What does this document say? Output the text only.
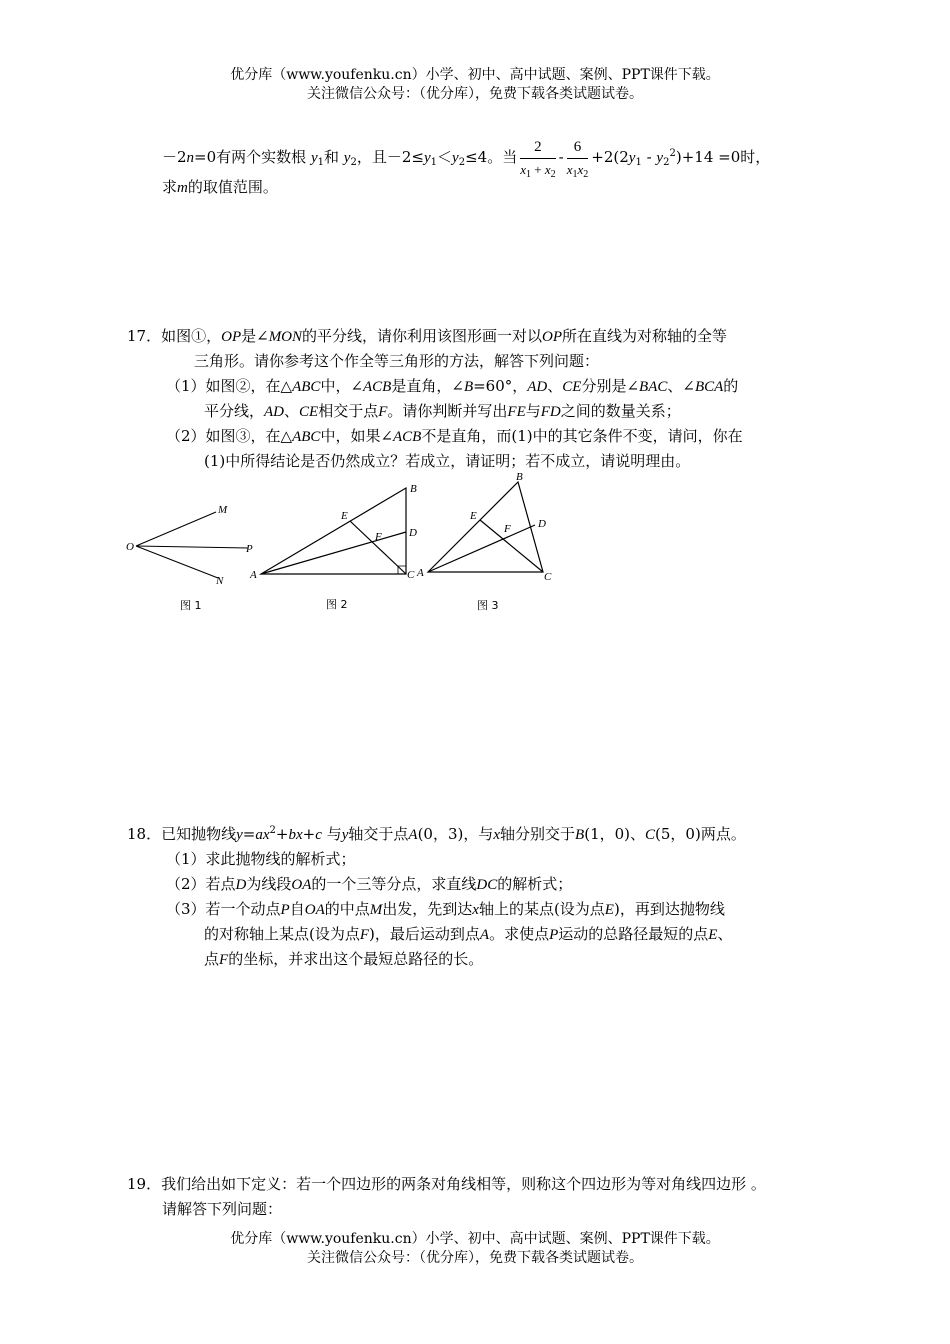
优分库（www.youfenku.cn）小学、初中、高中试题、案例、PPT课件下载。
关注微信公众号：（优分库），免费下载各类试题试卷。
－2n=0有两个实数根 $y_1$和 $y_2$，且$-2\le y_1<y_2\le 4$。当 $\frac{2}{x_1 + x_2} - \frac{6}{x_1x_2} +2(2y_1 - y_2^2)+14 =0$时，
求m的取值范围。
17．如图①，OP是∠MON的平分线，请你利用该图形画一对以OP所在直线为对称轴的全等
三角形。请你参考这个作全等三角形的方法，解答下列问题：
（1）如图②，在△ABC中，∠ACB是直角，∠B=60°，AD、CE分别是∠BAC、∠BCA的
平分线，AD、CE相交于点F。请你判断并写出FE与FD之间的数量关系；
（2）如图③，在△ABC中，如果∠ACB不是直角，而(1)中的其它条件不变，请问，你在
(1)中所得结论是否仍然成立？若成立，请证明；若不成立，请说明理由。
O
M
P
N A
B
C
D
E
F
A
B
C
D
E
F
图 1	图 2	图 3
18．已知抛物线$y=ax^2+bx+c$ 与y轴交于点A(0，3)，与x轴分别交于B(1，0)、C(5，0)两点。
（1）求此抛物线的解析式；
（2）若点D为线段OA的一个三等分点，求直线DC的解析式；
（3）若一个动点P自OA的中点M出发，先到达x轴上的某点(设为点E)，再到达抛物线
的对称轴上某点(设为点F)，最后运动到点A。求使点P运动的总路径最短的点E、
点F的坐标，并求出这个最短总路径的长。
19．我们给出如下定义：若一个四边形的两条对角线相等，则称这个四边形为等对角线四边形 。
请解答下列问题：
优分库（www.youfenku.cn）小学、初中、高中试题、案例、PPT课件下载。
关注微信公众号：（优分库），免费下载各类试题试卷。
